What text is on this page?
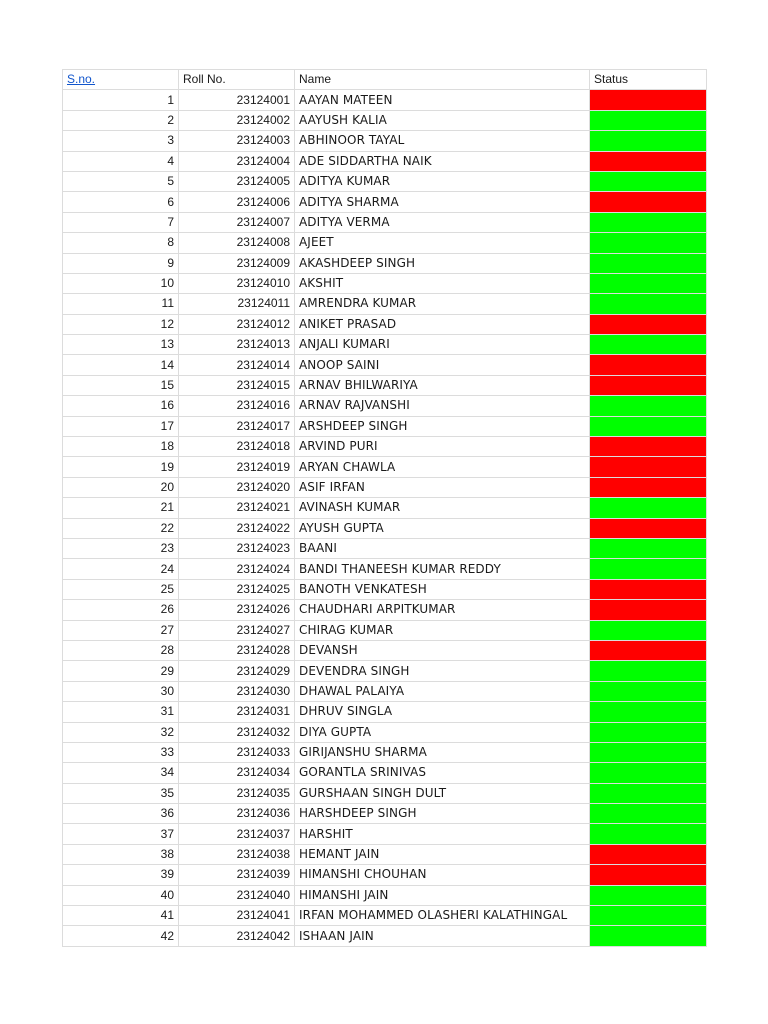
S.no.	Roll No.	Name	Status
1	23124001	AAYAN MATEEN	
2	23124002	AAYUSH KALIA	
3	23124003	ABHINOOR TAYAL	
4	23124004	ADE SIDDARTHA NAIK	
5	23124005	ADITYA KUMAR	
6	23124006	ADITYA SHARMA	
7	23124007	ADITYA VERMA	
8	23124008	AJEET	
9	23124009	AKASHDEEP SINGH	
10	23124010	AKSHIT	
11	23124011	AMRENDRA KUMAR	
12	23124012	ANIKET PRASAD	
13	23124013	ANJALI KUMARI	
14	23124014	ANOOP SAINI	
15	23124015	ARNAV BHILWARIYA	
16	23124016	ARNAV RAJVANSHI	
17	23124017	ARSHDEEP SINGH	
18	23124018	ARVIND PURI	
19	23124019	ARYAN CHAWLA	
20	23124020	ASIF IRFAN	
21	23124021	AVINASH KUMAR	
22	23124022	AYUSH GUPTA	
23	23124023	BAANI	
24	23124024	BANDI THANEESH KUMAR REDDY	
25	23124025	BANOTH VENKATESH	
26	23124026	CHAUDHARI ARPITKUMAR	
27	23124027	CHIRAG KUMAR	
28	23124028	DEVANSH	
29	23124029	DEVENDRA SINGH	
30	23124030	DHAWAL PALAIYA	
31	23124031	DHRUV SINGLA	
32	23124032	DIYA GUPTA	
33	23124033	GIRIJANSHU SHARMA	
34	23124034	GORANTLA SRINIVAS	
35	23124035	GURSHAAN SINGH DULT	
36	23124036	HARSHDEEP SINGH	
37	23124037	HARSHIT	
38	23124038	HEMANT JAIN	
39	23124039	HIMANSHI CHOUHAN	
40	23124040	HIMANSHI JAIN	
41	23124041	IRFAN MOHAMMED OLASHERI KALATHINGAL	
42	23124042	ISHAAN JAIN	
